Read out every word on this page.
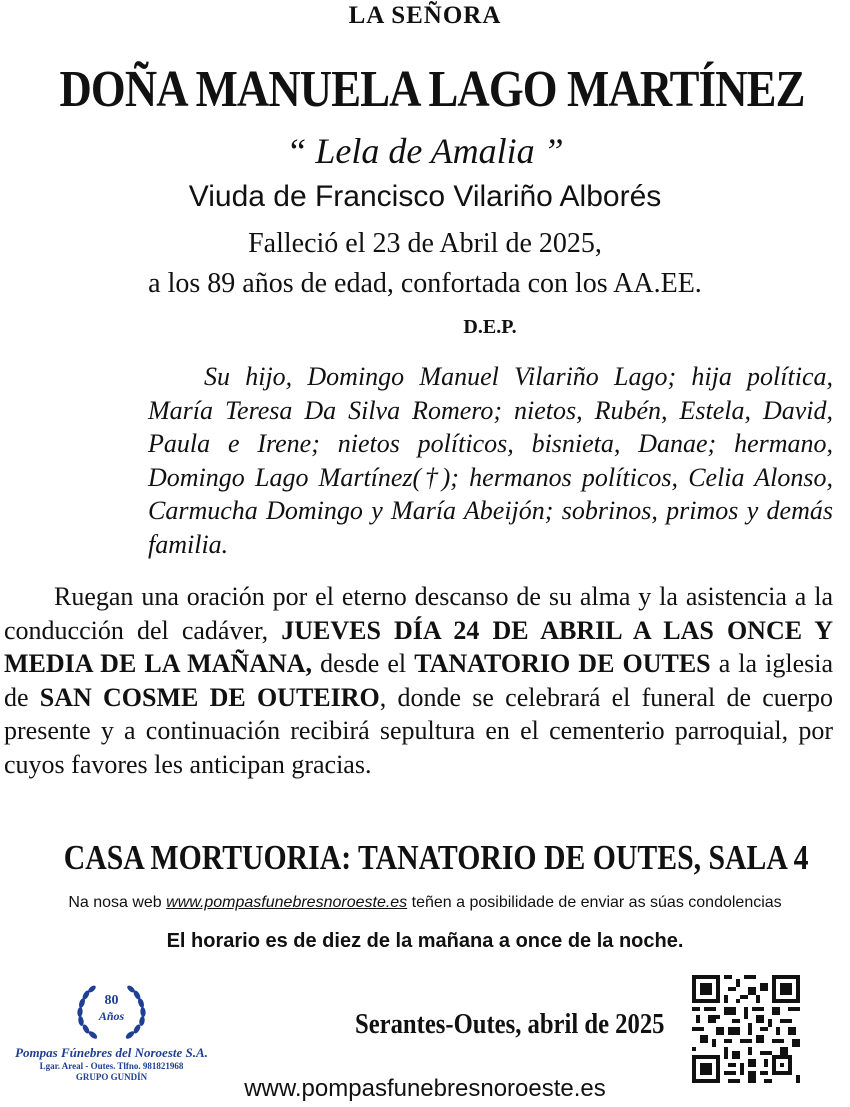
LA SEÑORA
DOÑA MANUELA LAGO MARTÍNEZ
“ Lela de Amalia ”
Viuda de Francisco Vilariño Alborés
Falleció el 23 de Abril de 2025,
a los 89 años de edad, confortada con los AA.EE.
D.E.P.

Su hijo, Domingo Manuel Vilariño Lago; hija política, María Teresa Da Silva Romero; nietos, Rubén, Estela, David, Paula e Irene; nietos políticos, bisnieta, Danae; hermano, Domingo Lago Martínez(†); hermanos políticos, Celia Alonso, Carmucha Domingo y María Abeijón; sobrinos, primos y demás familia.

Ruegan una oración por el eterno descanso de su alma y la asistencia a la conducción del cadáver, JUEVES DÍA 24 DE ABRIL A LAS ONCE Y MEDIA DE LA MAÑANA, desde el TANATORIO DE OUTES a la iglesia de SAN COSME DE OUTEIRO, donde se celebrará el funeral de cuerpo presente y a continuación recibirá sepultura en el cementerio parroquial, por cuyos favores les anticipan gracias.

CASA MORTUORIA: TANATORIO DE OUTES, SALA 4
Na nosa web www.pompasfunebresnoroeste.es teñen a posibilidade de enviar as súas condolencias
El horario es de diez de la mañana a once de la noche.
80
Años
Pompas Fúnebres del Noroeste S.A.
Lgar. Areal - Outes. Tlfno. 981821968
GRUPO GUNDÍN
Serantes-Outes, abril de 2025
www.pompasfunebresnoroeste.es
